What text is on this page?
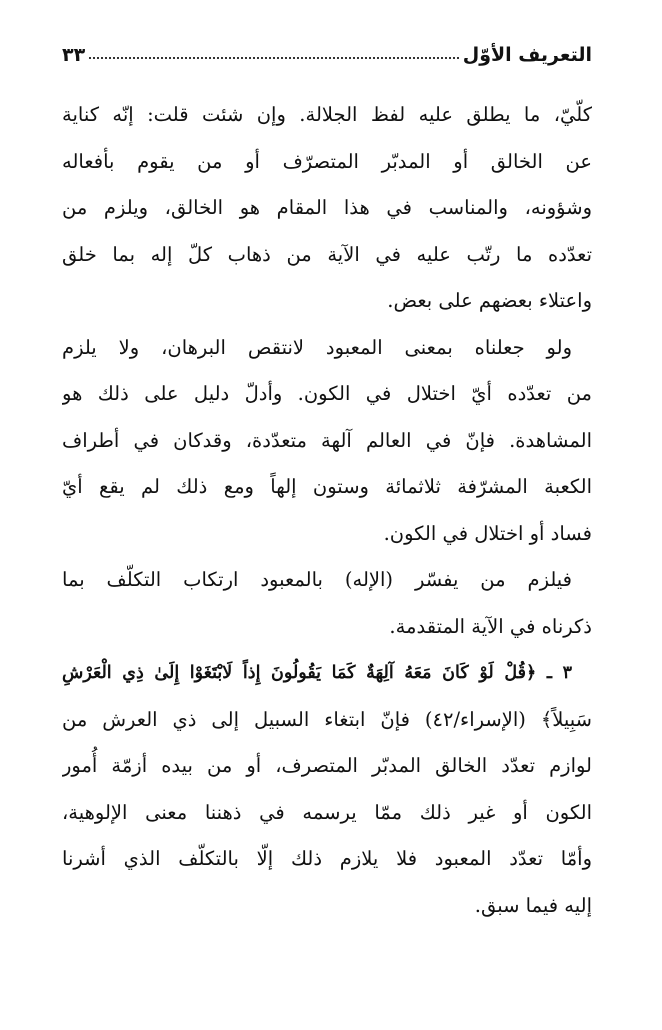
التعريف الأوّل
٣٣
كلّيّ، ما يطلق عليه لفظ الجلالة. وإن شئت قلت: إنّه كناية
عن الخالق أو المدبّر المتصرّف أو من يقوم بأفعاله
وشؤونه، والمناسب في هذا المقام هو الخالق، ويلزم من
تعدّده ما رتّب عليه في الآية من ذهاب كلّ إله بما خلق
واعتلاء بعضهم على بعض.
ولو جعلناه بمعنى المعبود لانتقص البرهان، ولا يلزم
من تعدّده أيّ اختلال في الكون. وأدلّ دليل على ذلك هو
المشاهدة. فإنّ في العالم آلهة متعدّدة، وقدكان في أطراف
الكعبة المشرّفة ثلاثمائة وستون إلهاً ومع ذلك لم يقع أيّ
فساد أو اختلال في الكون.
فيلزم من يفسّر (الإله) بالمعبود ارتكاب التكلّف بما
ذكرناه في الآية المتقدمة.
٣ ـ ﴿قُلْ لَوْ كَانَ مَعَهُ آلِهَةٌ كَمَا يَقُولُونَ إِذاً لَابْتَغَوْا إِلَىٰ ذِي الْعَرْشِ
سَبِيلاً﴾ (الإسراء/٤٢) فإنّ ابتغاء السبيل إلى ذي العرش من
لوازم تعدّد الخالق المدبّر المتصرف، أو من بيده أزمّة أُمور
الكون أو غير ذلك ممّا يرسمه في ذهننا معنى الإلوهية،
وأمّا تعدّد المعبود فلا يلازم ذلك إلّا بالتكلّف الذي أشرنا
إليه فيما سبق.
